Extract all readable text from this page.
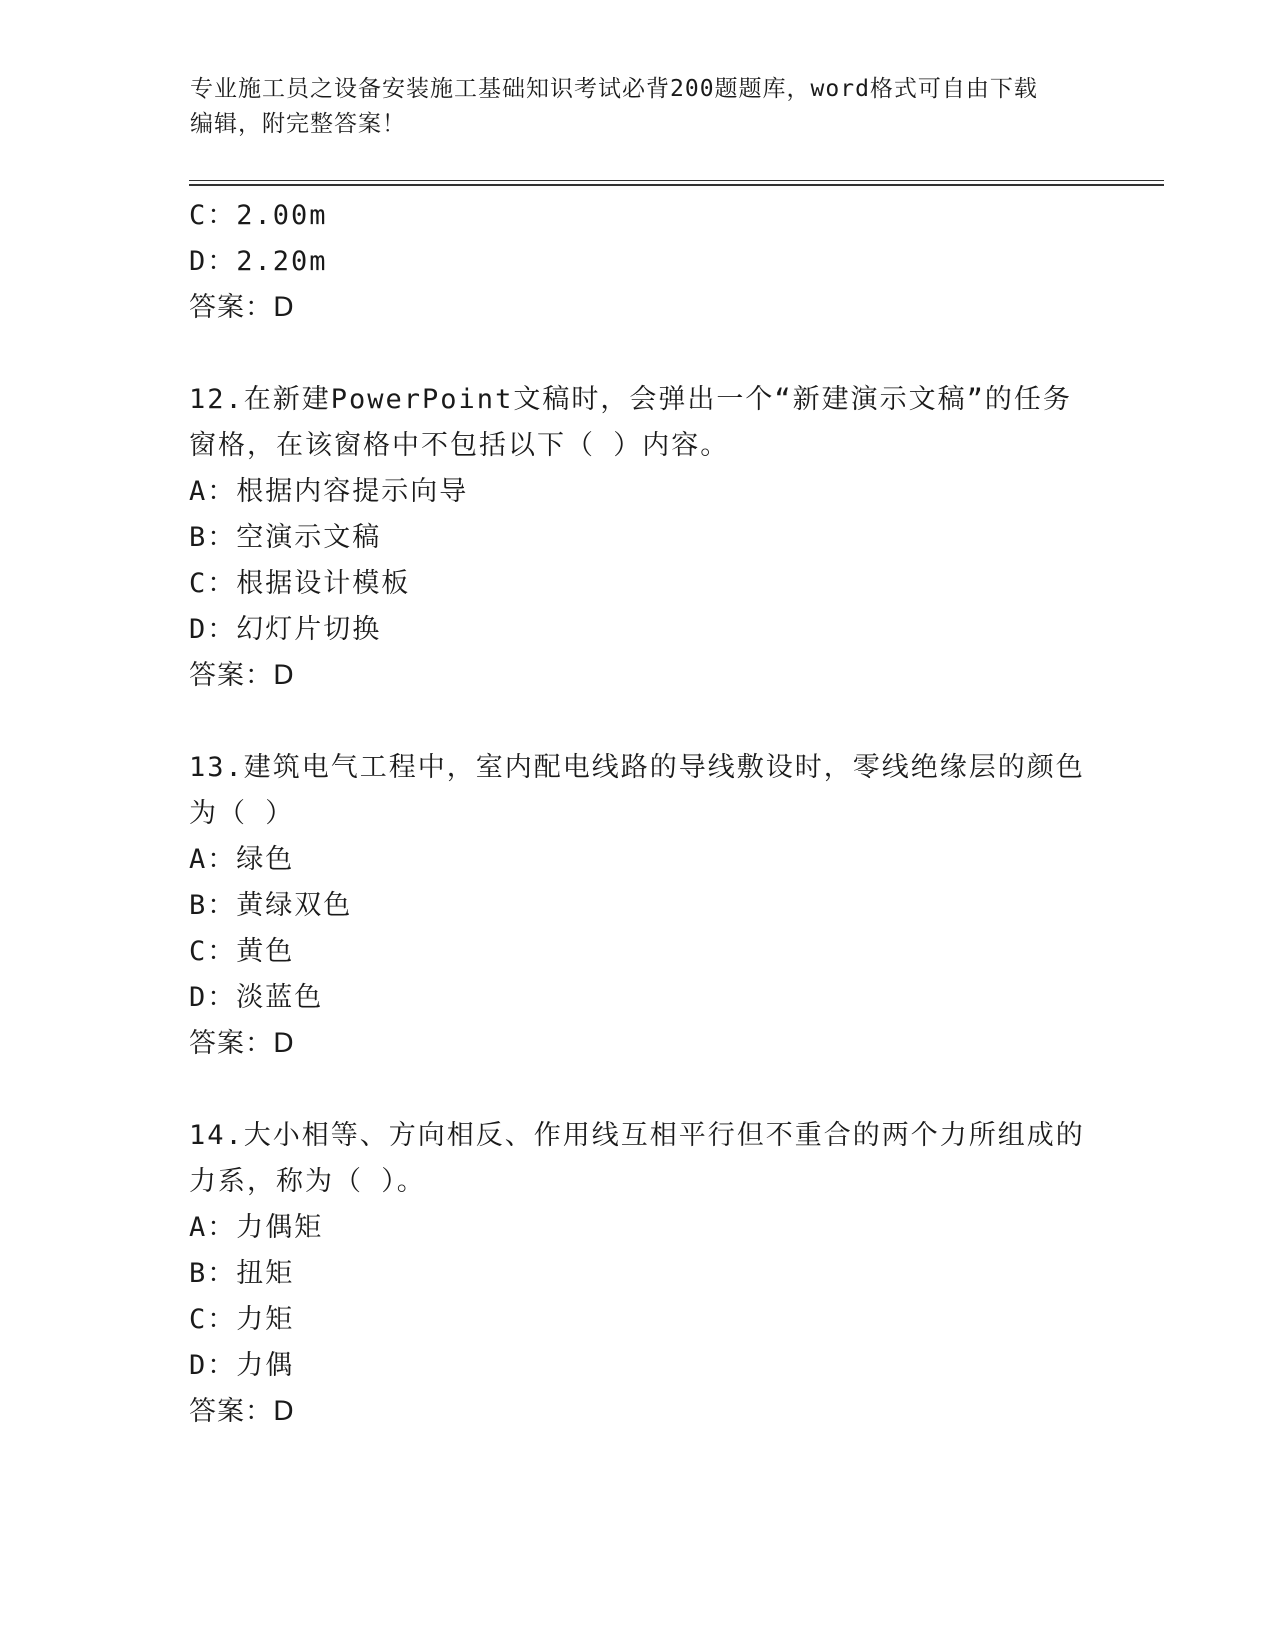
专业施工员之设备安装施工基础知识考试必背200题题库，word格式可自由下载
编辑，附完整答案！
C：2.00m
D：2.20m
答案：D
12.在新建PowerPoint文稿时，会弹出一个“新建演示文稿”的任务
窗格，在该窗格中不包括以下（ ）内容。
A：根据内容提示向导
B：空演示文稿
C：根据设计模板
D：幻灯片切换
答案：D
13.建筑电气工程中，室内配电线路的导线敷设时，零线绝缘层的颜色
为（ ）
A：绿色
B：黄绿双色
C：黄色
D：淡蓝色
答案：D
14.大小相等、方向相反、作用线互相平行但不重合的两个力所组成的
力系，称为（ ）。
A：力偶矩
B：扭矩
C：力矩
D：力偶
答案：D
